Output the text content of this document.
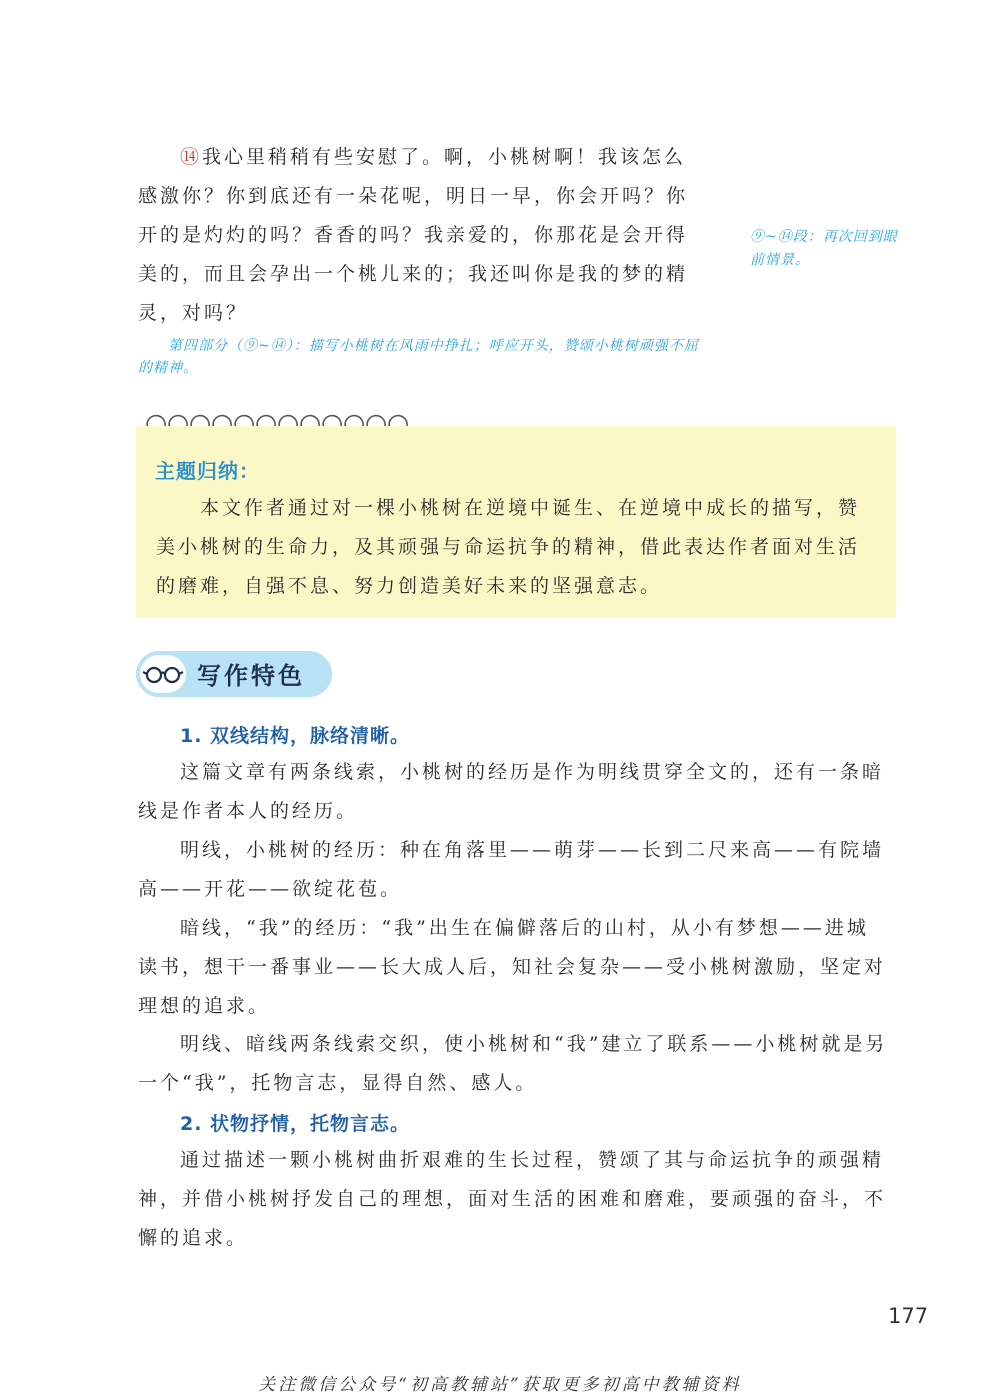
⑭我心里稍稍有些安慰了。啊，小桃树啊！我该怎么感激你？你到底还有一朵花呢，明日一早，你会开吗？你开的是灼灼的吗？香香的吗？我亲爱的，你那花是会开得美的，而且会孕出一个桃儿来的；我还叫你是我的梦的精灵，对吗？

第四部分（⑨~⑭）：描写小桃树在风雨中挣扎；呼应开头，赞颂小桃树顽强不屈的精神。
⑨~⑭段：再次回到眼前情景。
主题归纳：

本文作者通过对一棵小桃树在逆境中诞生、在逆境中成长的描写，赞美小桃树的生命力，及其顽强与命运抗争的精神，借此表达作者面对生活的磨难，自强不息、努力创造美好未来的坚强意志。

写作特色
1. 双线结构，脉络清晰。

这篇文章有两条线索，小桃树的经历是作为明线贯穿全文的，还有一条暗线是作者本人的经历。

明线，小桃树的经历：种在角落里——萌芽——长到二尺来高——有院墙高——开花——欲绽花苞。

暗线，“我”的经历：“我”出生在偏僻落后的山村，从小有梦想——进城读书，想干一番事业——长大成人后，知社会复杂——受小桃树激励，坚定对理想的追求。

明线、暗线两条线索交织，使小桃树和“我”建立了联系——小桃树就是另一个“我”，托物言志，显得自然、感人。

2. 状物抒情，托物言志。

通过描述一颗小桃树曲折艰难的生长过程，赞颂了其与命运抗争的顽强精神，并借小桃树抒发自己的理想，面对生活的困难和磨难，要顽强的奋斗，不懈的追求。

177
关注微信公众号“初高教辅站”获取更多初高中教辅资料
